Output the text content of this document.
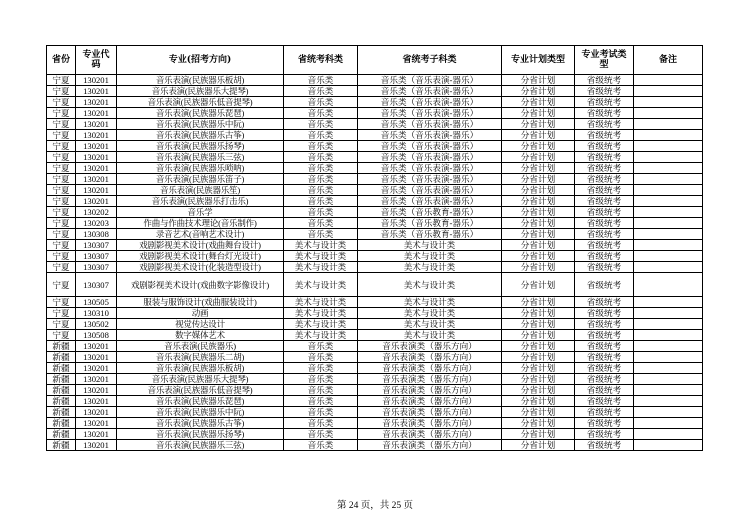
省份	专业代码	专业(招考方向)	省统考科类	省统考子科类	专业计划类型	专业考试类型	备注
宁夏	130201	音乐表演(民族器乐板胡)	音乐类	音乐类（音乐表演-器乐）	分省计划	省级统考	
宁夏	130201	音乐表演(民族器乐大提琴)	音乐类	音乐类（音乐表演-器乐）	分省计划	省级统考	
宁夏	130201	音乐表演(民族器乐低音提琴)	音乐类	音乐类（音乐表演-器乐）	分省计划	省级统考	
宁夏	130201	音乐表演(民族器乐琵琶)	音乐类	音乐类（音乐表演-器乐）	分省计划	省级统考	
宁夏	130201	音乐表演(民族器乐中阮)	音乐类	音乐类（音乐表演-器乐）	分省计划	省级统考	
宁夏	130201	音乐表演(民族器乐古筝)	音乐类	音乐类（音乐表演-器乐）	分省计划	省级统考	
宁夏	130201	音乐表演(民族器乐扬琴)	音乐类	音乐类（音乐表演-器乐）	分省计划	省级统考	
宁夏	130201	音乐表演(民族器乐三弦)	音乐类	音乐类（音乐表演-器乐）	分省计划	省级统考	
宁夏	130201	音乐表演(民族器乐唢呐)	音乐类	音乐类（音乐表演-器乐）	分省计划	省级统考	
宁夏	130201	音乐表演(民族器乐笛子)	音乐类	音乐类（音乐表演-器乐）	分省计划	省级统考	
宁夏	130201	音乐表演(民族器乐笙)	音乐类	音乐类（音乐表演-器乐）	分省计划	省级统考	
宁夏	130201	音乐表演(民族器乐打击乐)	音乐类	音乐类（音乐表演-器乐）	分省计划	省级统考	
宁夏	130202	音乐学	音乐类	音乐类（音乐教育-器乐）	分省计划	省级统考	
宁夏	130203	作曲与作曲技术理论(音乐制作)	音乐类	音乐类（音乐教育-器乐）	分省计划	省级统考	
宁夏	130308	录音艺术(音响艺术设计)	音乐类	音乐类（音乐教育-器乐）	分省计划	省级统考	
宁夏	130307	戏剧影视美术设计(戏曲舞台设计)	美术与设计类	美术与设计类	分省计划	省级统考	
宁夏	130307	戏剧影视美术设计(舞台灯光设计)	美术与设计类	美术与设计类	分省计划	省级统考	
宁夏	130307	戏剧影视美术设计(化装造型设计)	美术与设计类	美术与设计类	分省计划	省级统考	
宁夏	130307	戏剧影视美术设计(戏曲数字影像设计)	美术与设计类	美术与设计类	分省计划	省级统考	
宁夏	130505	服装与服饰设计(戏曲服装设计)	美术与设计类	美术与设计类	分省计划	省级统考	
宁夏	130310	动画	美术与设计类	美术与设计类	分省计划	省级统考	
宁夏	130502	视觉传达设计	美术与设计类	美术与设计类	分省计划	省级统考	
宁夏	130508	数字媒体艺术	美术与设计类	美术与设计类	分省计划	省级统考	
新疆	130201	音乐表演(民族器乐)	音乐类	音乐表演类（器乐方向）	分省计划	省级统考	
新疆	130201	音乐表演(民族器乐二胡)	音乐类	音乐表演类（器乐方向）	分省计划	省级统考	
新疆	130201	音乐表演(民族器乐板胡)	音乐类	音乐表演类（器乐方向）	分省计划	省级统考	
新疆	130201	音乐表演(民族器乐大提琴)	音乐类	音乐表演类（器乐方向）	分省计划	省级统考	
新疆	130201	音乐表演(民族器乐低音提琴)	音乐类	音乐表演类（器乐方向）	分省计划	省级统考	
新疆	130201	音乐表演(民族器乐琵琶)	音乐类	音乐表演类（器乐方向）	分省计划	省级统考	
新疆	130201	音乐表演(民族器乐中阮)	音乐类	音乐表演类（器乐方向）	分省计划	省级统考	
新疆	130201	音乐表演(民族器乐古筝)	音乐类	音乐表演类（器乐方向）	分省计划	省级统考	
新疆	130201	音乐表演(民族器乐扬琴)	音乐类	音乐表演类（器乐方向）	分省计划	省级统考	
新疆	130201	音乐表演(民族器乐三弦)	音乐类	音乐表演类（器乐方向）	分省计划	省级统考	
第 24 页，共 25 页
